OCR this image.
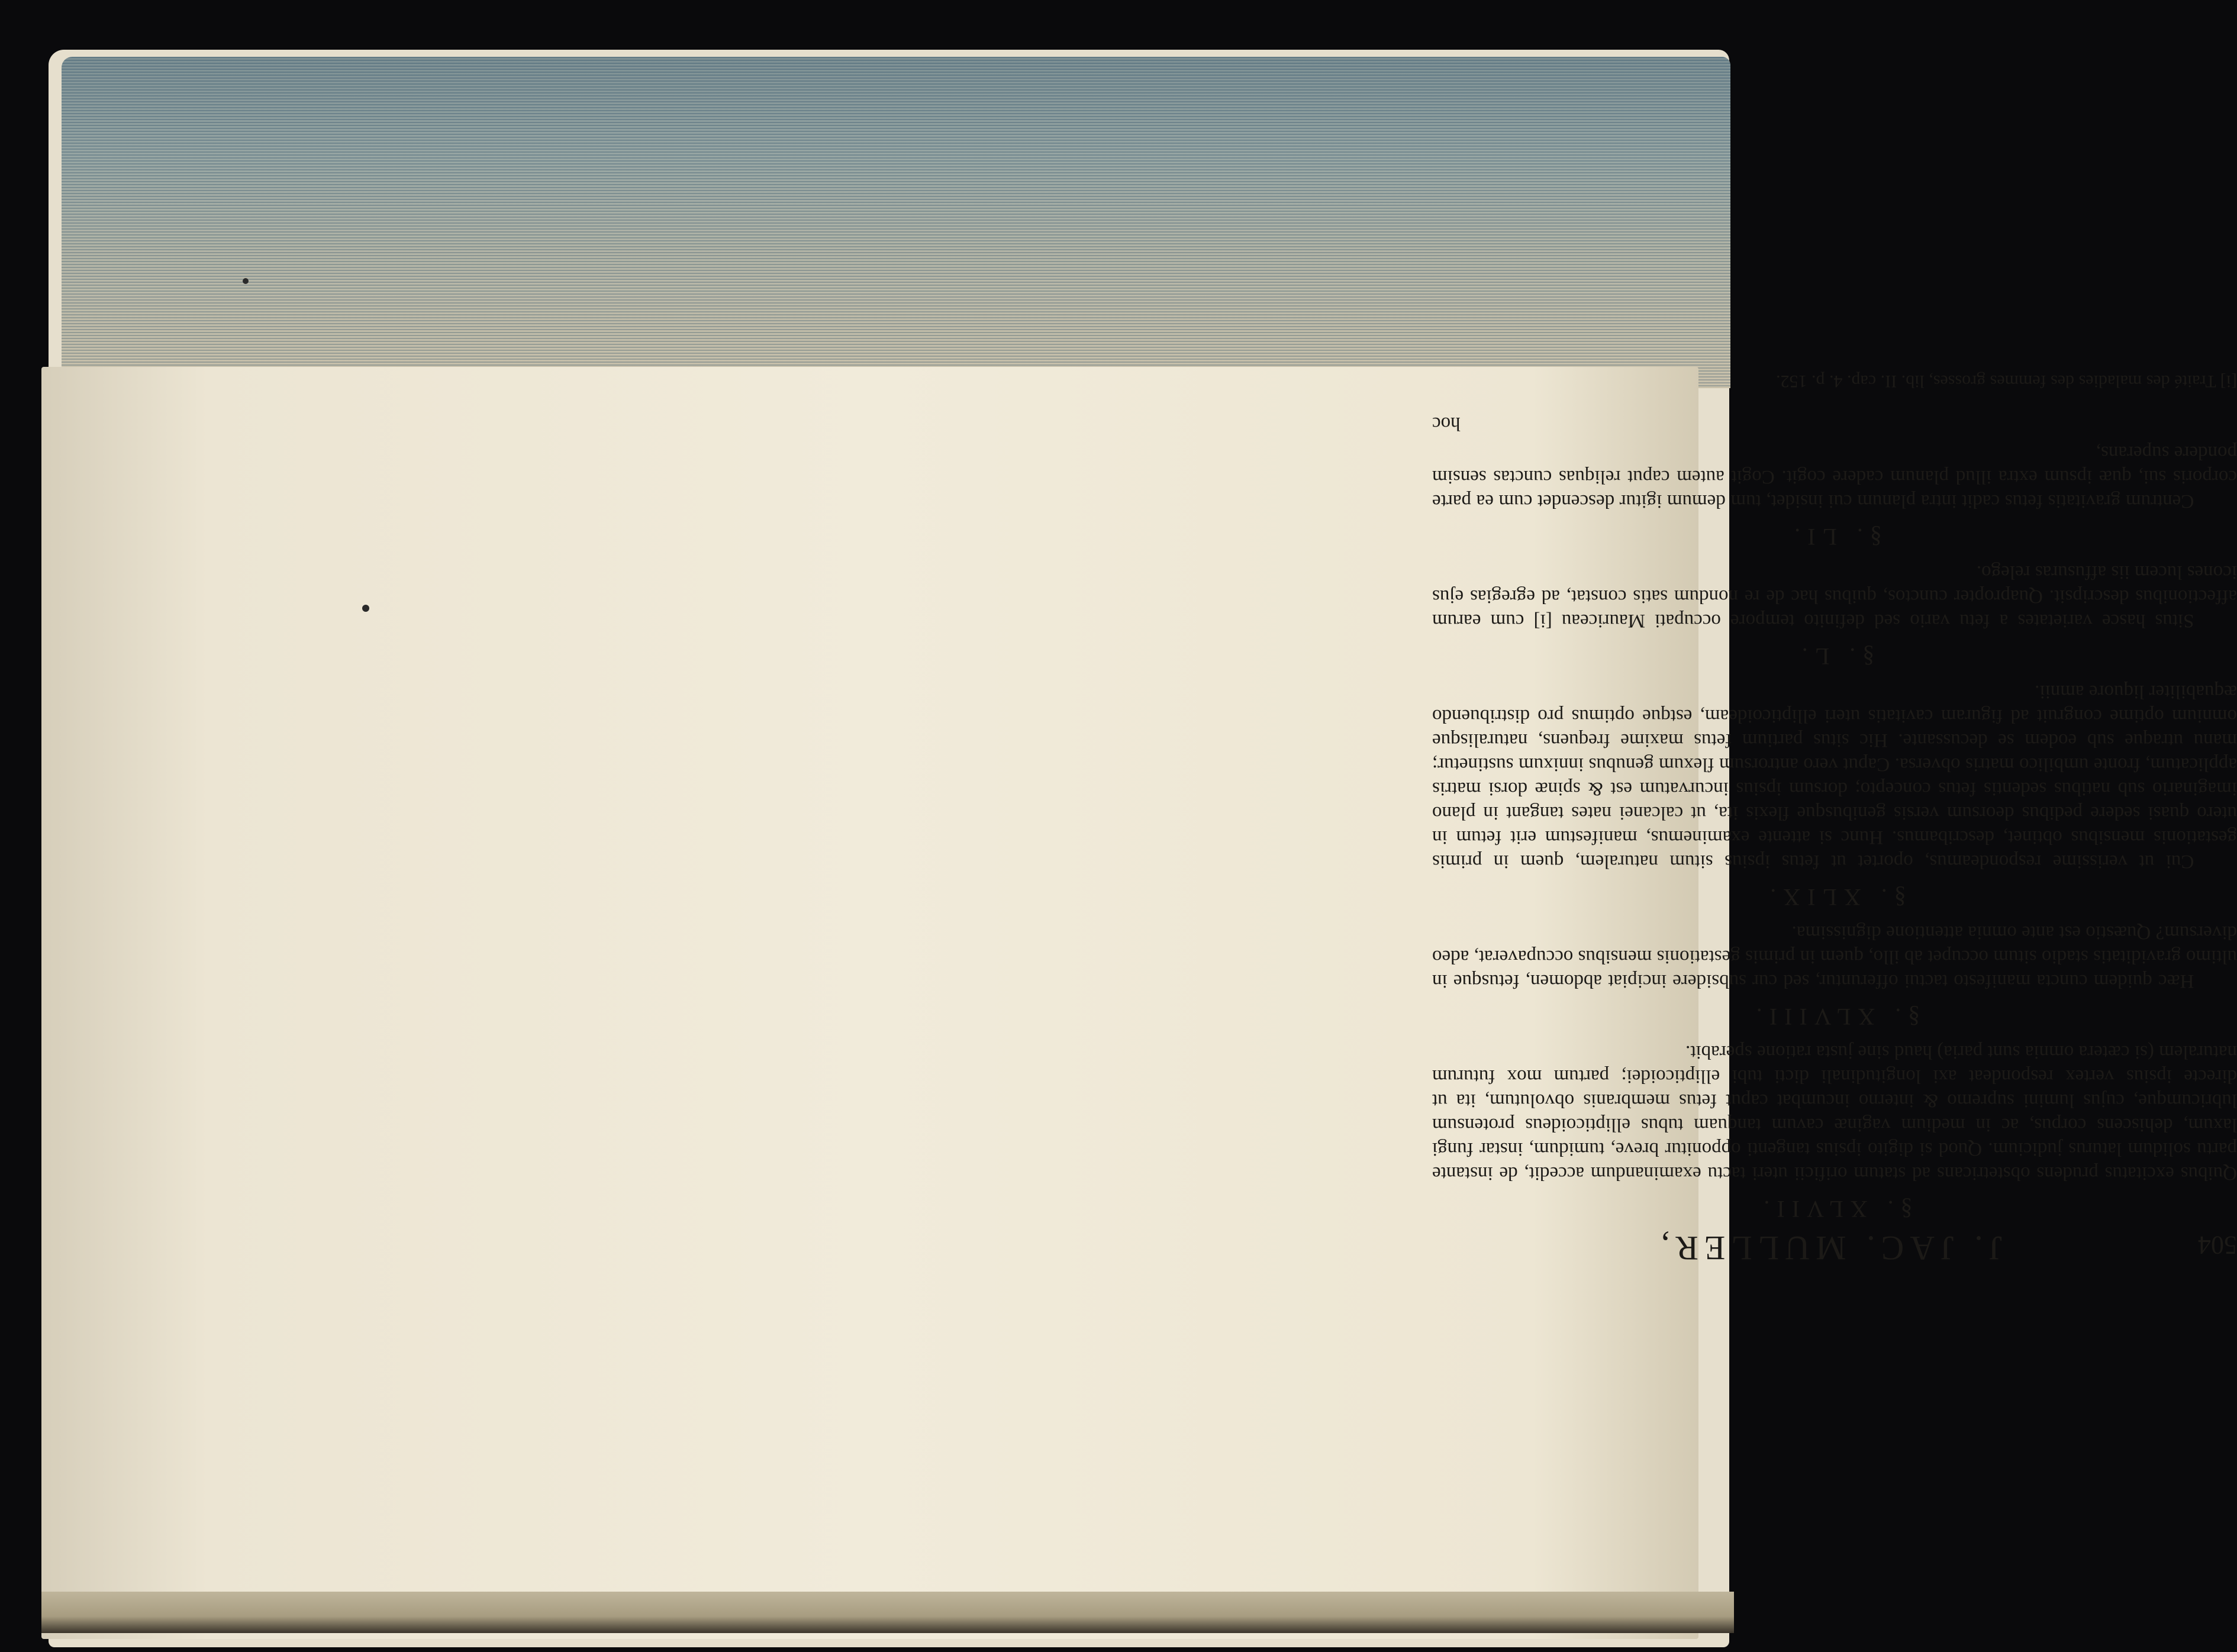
504
J. JAC. MULLER,
§. XLVII.

Quibus excitatus prudens obstetricans ad statum orificii uteri tactu examinandum accedit, de instante partu solidum laturus judicium. Quod si digito ipsius tangenti opponitur breve, tumidum, instar fungi laxum, dehiscens corpus, ac in medium vaginæ cavum tanquam tubus ellipticoideus protensum lubricumque, cujus lumini supremo & interno incumbat caput fetus membranis obvolutum, ita ut directe ipsius vertex respondeat axi longitudinali dicti tubi ellipticoidei; partum mox futurum naturalem (si cætera omnia sunt paria) haud sine justa ratione sperabit.

§. XLVIII.

Hæc quidem cuncta manifesto tactui offeruntur, sed cur subsidere incipiat abdomen, fetusque in ultimo graviditatis stadio situm occupet ab illo, quem in primis gestationis mensibus occupaverat, adeo diversum? Quæstio est ante omnia attentione dignissima.

§. XLIX.

Cui ut verissime respondeamus, oportet ut fetus ipsius situm naturalem, quem in primis gestationis mensibus obtinet, describamus. Hunc si attente examinemus, manifestum erit fetum in utero quasi sedere pedibus deorsum versis genibusque flexis ita, ut calcanei nates tangant in plano imaginario sub natibus sedentis fetus concepto; dorsum ipsius incurvatum est & spinæ dorsi matris applicatum, fronte umbilico matris obversa. Caput vero antrorsum flexum genubus innixum sustinetur; manu utraque sub eodem se decussante. Hic situs partium fetus maxime frequens, naturalisque omnium optime congruit ad figuram cavitatis uteri ellipticoideam, estque optimus pro distribuendo æquabiliter liquore amnii.

§. L.

Situs hasce varietates a fetu vario sed definito tempore occupati Mauriceau [i] cum earum affectionibus descripsit. Quapropter cunctos, quibus hac de re nondum satis constat, ad egregias ejus icones lucem iis affusuras relego.

§. LI.

Centrum gravitatis fetus cadit intra planum cui insidet, tum demum igitur descendet cum ea parte corporis sui, quæ ipsum extra illud planum cadere cogit. Cogit autem caput reliquas cunctas sensim pondere superans,

hoc
[i] Traité des maladies des femmes grosses, lib. II. cap. 4. p. 152.
